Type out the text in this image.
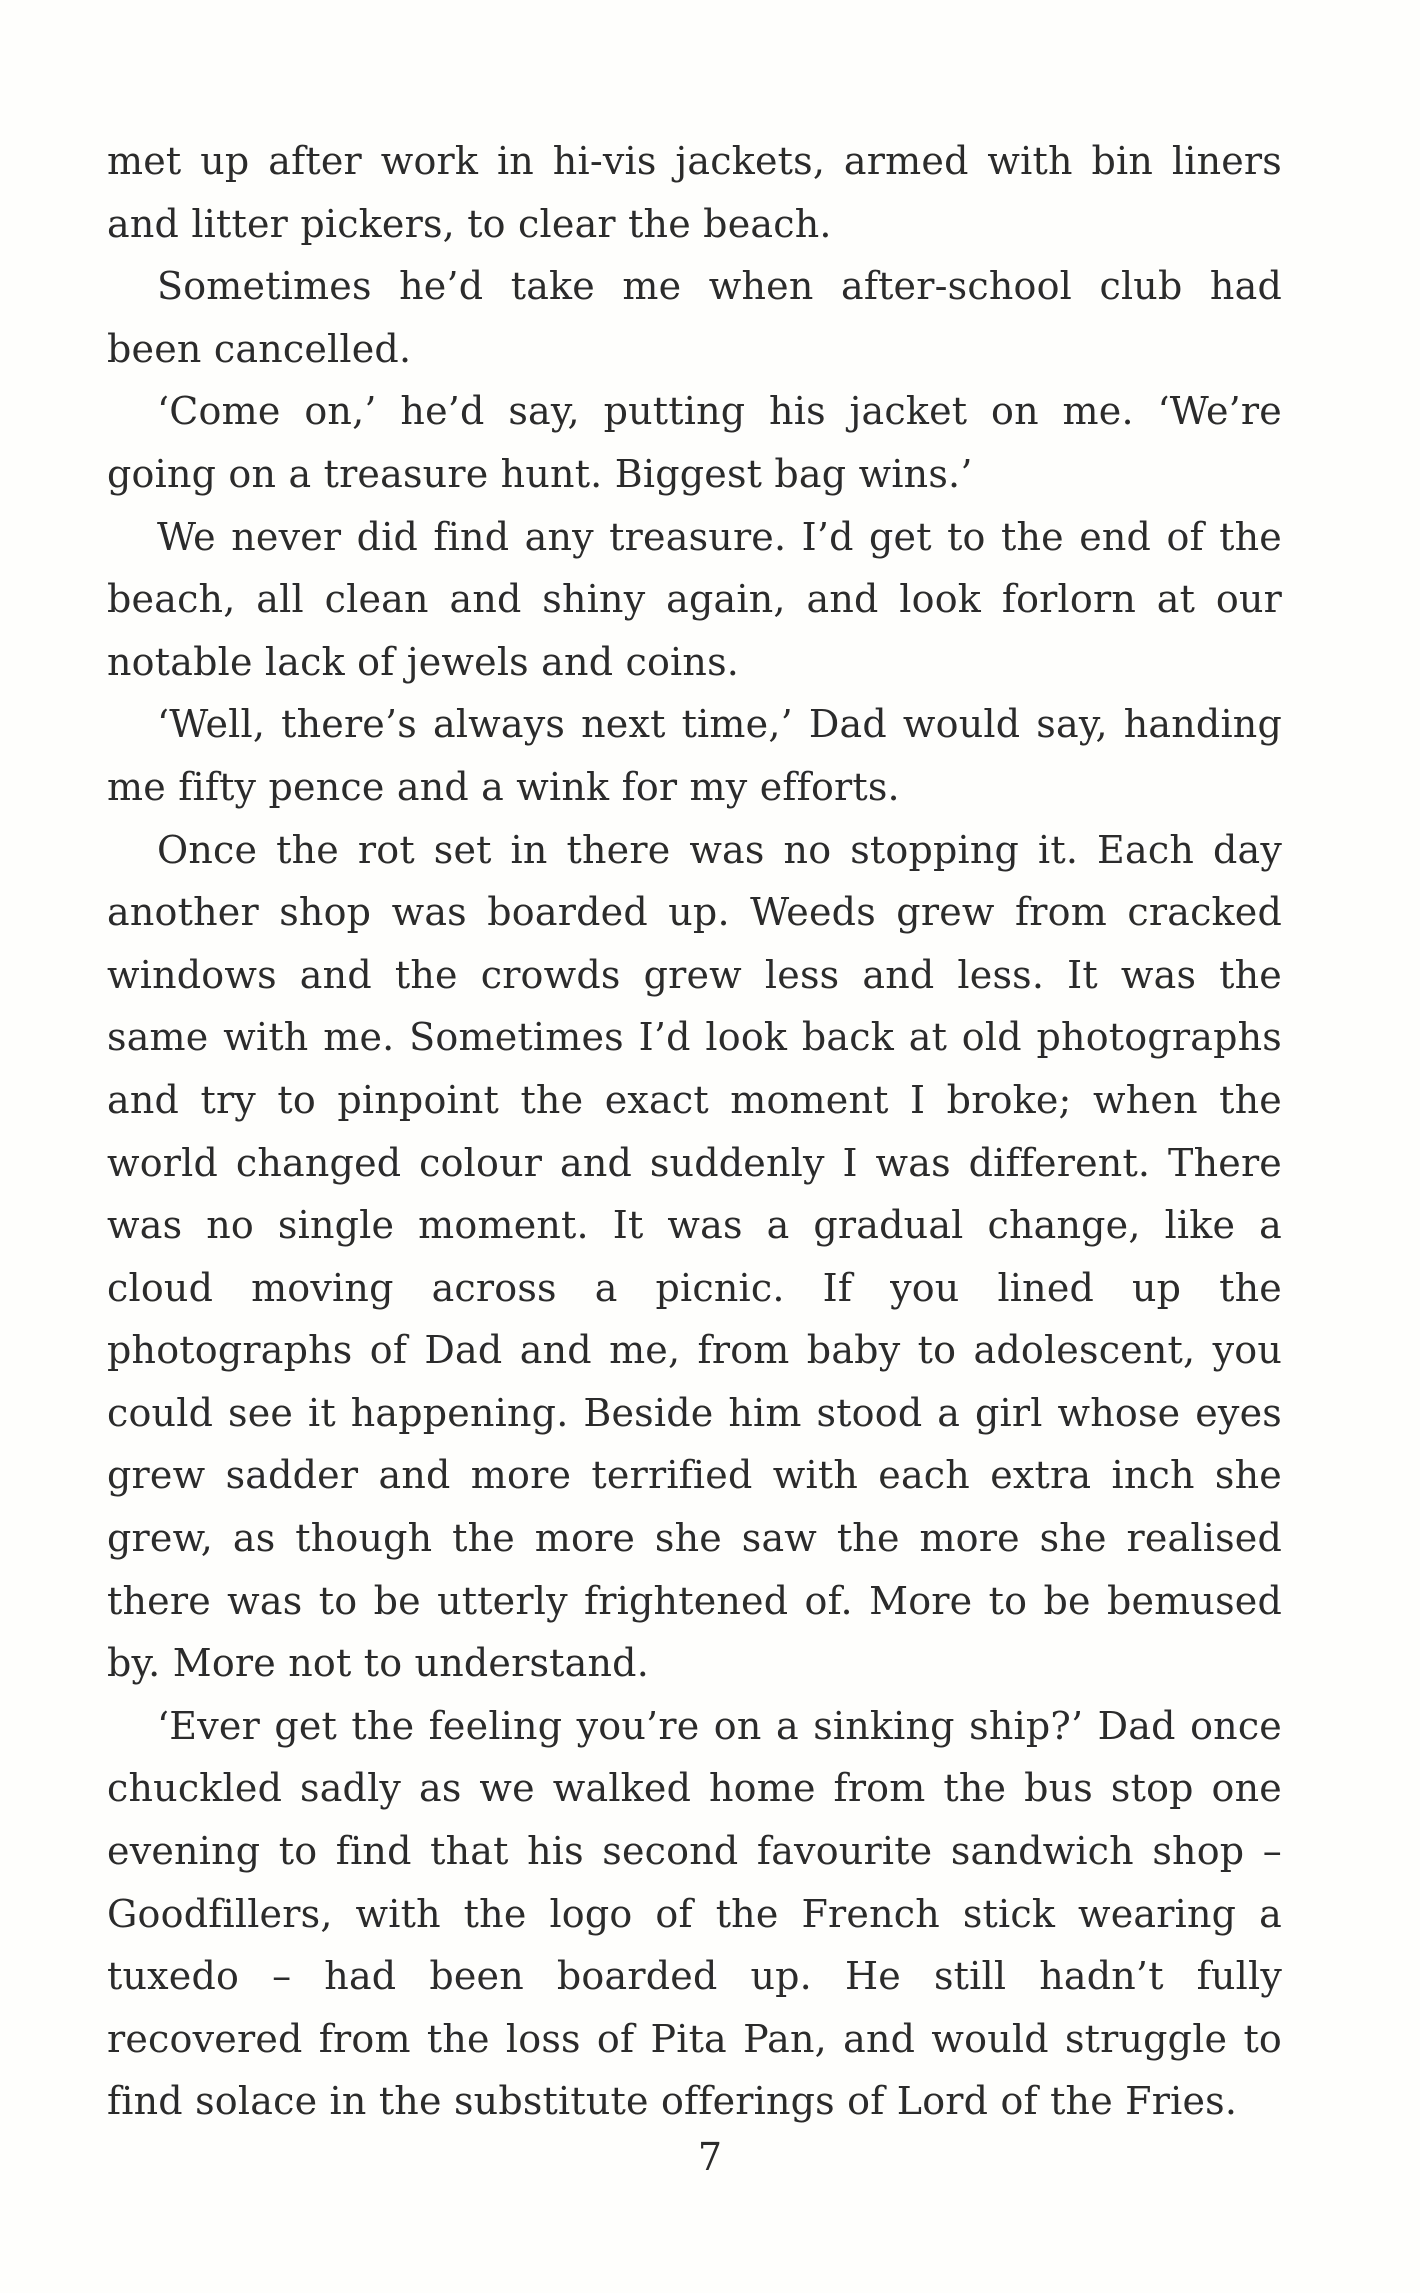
met up after work in hi-vis jackets, armed with bin liners and litter pickers, to clear the beach.

Sometimes he’d take me when after-school club had been cancelled.

‘Come on,’ he’d say, putting his jacket on me. ‘We’re going on a treasure hunt. Biggest bag wins.’

We never did find any treasure. I’d get to the end of the beach, all clean and shiny again, and look forlorn at our notable lack of jewels and coins.

‘Well, there’s always next time,’ Dad would say, handing me fifty pence and a wink for my efforts.

Once the rot set in there was no stopping it. Each day another shop was boarded up. Weeds grew from cracked windows and the crowds grew less and less. It was the same with me. Sometimes I’d look back at old photographs and try to pinpoint the exact moment I broke; when the world changed colour and suddenly I was different. There was no single moment. It was a gradual change, like a cloud moving across a picnic. If you lined up the photographs of Dad and me, from baby to adolescent, you could see it happening. Beside him stood a girl whose eyes grew sadder and more terrified with each extra inch she grew, as though the more she saw the more she realised there was to be utterly frightened of. More to be bemused by. More not to understand.

‘Ever get the feeling you’re on a sinking ship?’ Dad once chuckled sadly as we walked home from the bus stop one evening to find that his second favourite sandwich shop – Goodfillers, with the logo of the French stick wearing a tuxedo – had been boarded up. He still hadn’t fully recovered from the loss of Pita Pan, and would struggle to find solace in the substitute offerings of Lord of the Fries.

7
